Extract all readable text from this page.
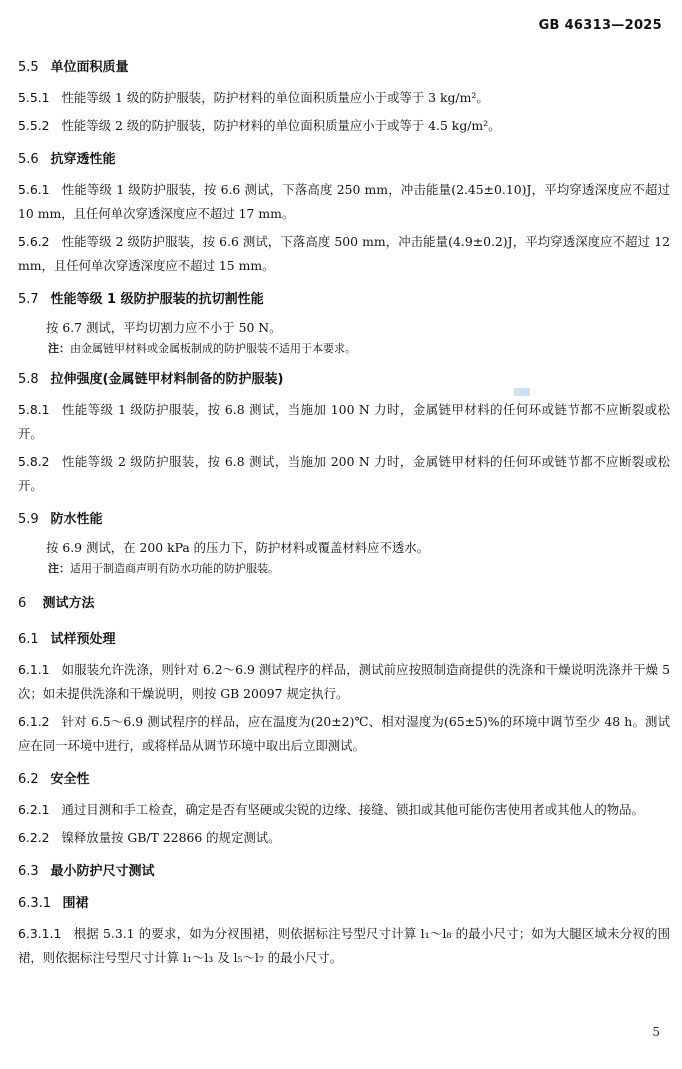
GB 46313—2025
5.5 单位面积质量
5.5.1 性能等级 1 级的防护服装，防护材料的单位面积质量应小于或等于 3 kg/m²。
5.5.2 性能等级 2 级的防护服装，防护材料的单位面积质量应小于或等于 4.5 kg/m²。
5.6 抗穿透性能
5.6.1 性能等级 1 级防护服装，按 6.6 测试，下落高度 250 mm，冲击能量(2.45±0.10)J，平均穿透深度应不超过 10 mm，且任何单次穿透深度应不超过 17 mm。
5.6.2 性能等级 2 级防护服装，按 6.6 测试，下落高度 500 mm，冲击能量(4.9±0.2)J，平均穿透深度应不超过 12 mm，且任何单次穿透深度应不超过 15 mm。
5.7 性能等级 1 级防护服装的抗切割性能
按 6.7 测试，平均切割力应不小于 50 N。
注：由金属链甲材料或金属板制成的防护服装不适用于本要求。
5.8 拉伸强度(金属链甲材料制备的防护服装)
5.8.1 性能等级 1 级防护服装，按 6.8 测试，当施加 100 N 力时，金属链甲材料的任何环或链节都不应断裂或松开。
5.8.2 性能等级 2 级防护服装，按 6.8 测试，当施加 200 N 力时，金属链甲材料的任何环或链节都不应断裂或松开。
5.9 防水性能
按 6.9 测试，在 200 kPa 的压力下，防护材料或覆盖材料应不透水。
注：适用于制造商声明有防水功能的防护服装。
6 测试方法
6.1 试样预处理
6.1.1 如服装允许洗涤，则针对 6.2～6.9 测试程序的样品，测试前应按照制造商提供的洗涤和干燥说明洗涤并干燥 5 次；如未提供洗涤和干燥说明，则按 GB 20097 规定执行。
6.1.2 针对 6.5～6.9 测试程序的样品，应在温度为(20±2)℃、相对湿度为(65±5)%的环境中调节至少 48 h。测试应在同一环境中进行，或将样品从调节环境中取出后立即测试。
6.2 安全性
6.2.1 通过目测和手工检查，确定是否有坚硬或尖锐的边缘、接缝、锁扣或其他可能伤害使用者或其他人的物品。
6.2.2 镍释放量按 GB/T 22866 的规定测试。
6.3 最小防护尺寸测试
6.3.1 围裙
6.3.1.1 根据 5.3.1 的要求，如为分衩围裙，则依据标注号型尺寸计算 l₁～l₈ 的最小尺寸；如为大腿区域未分衩的围裙，则依据标注号型尺寸计算 l₁～l₃ 及 l₅～l₇ 的最小尺寸。
5
